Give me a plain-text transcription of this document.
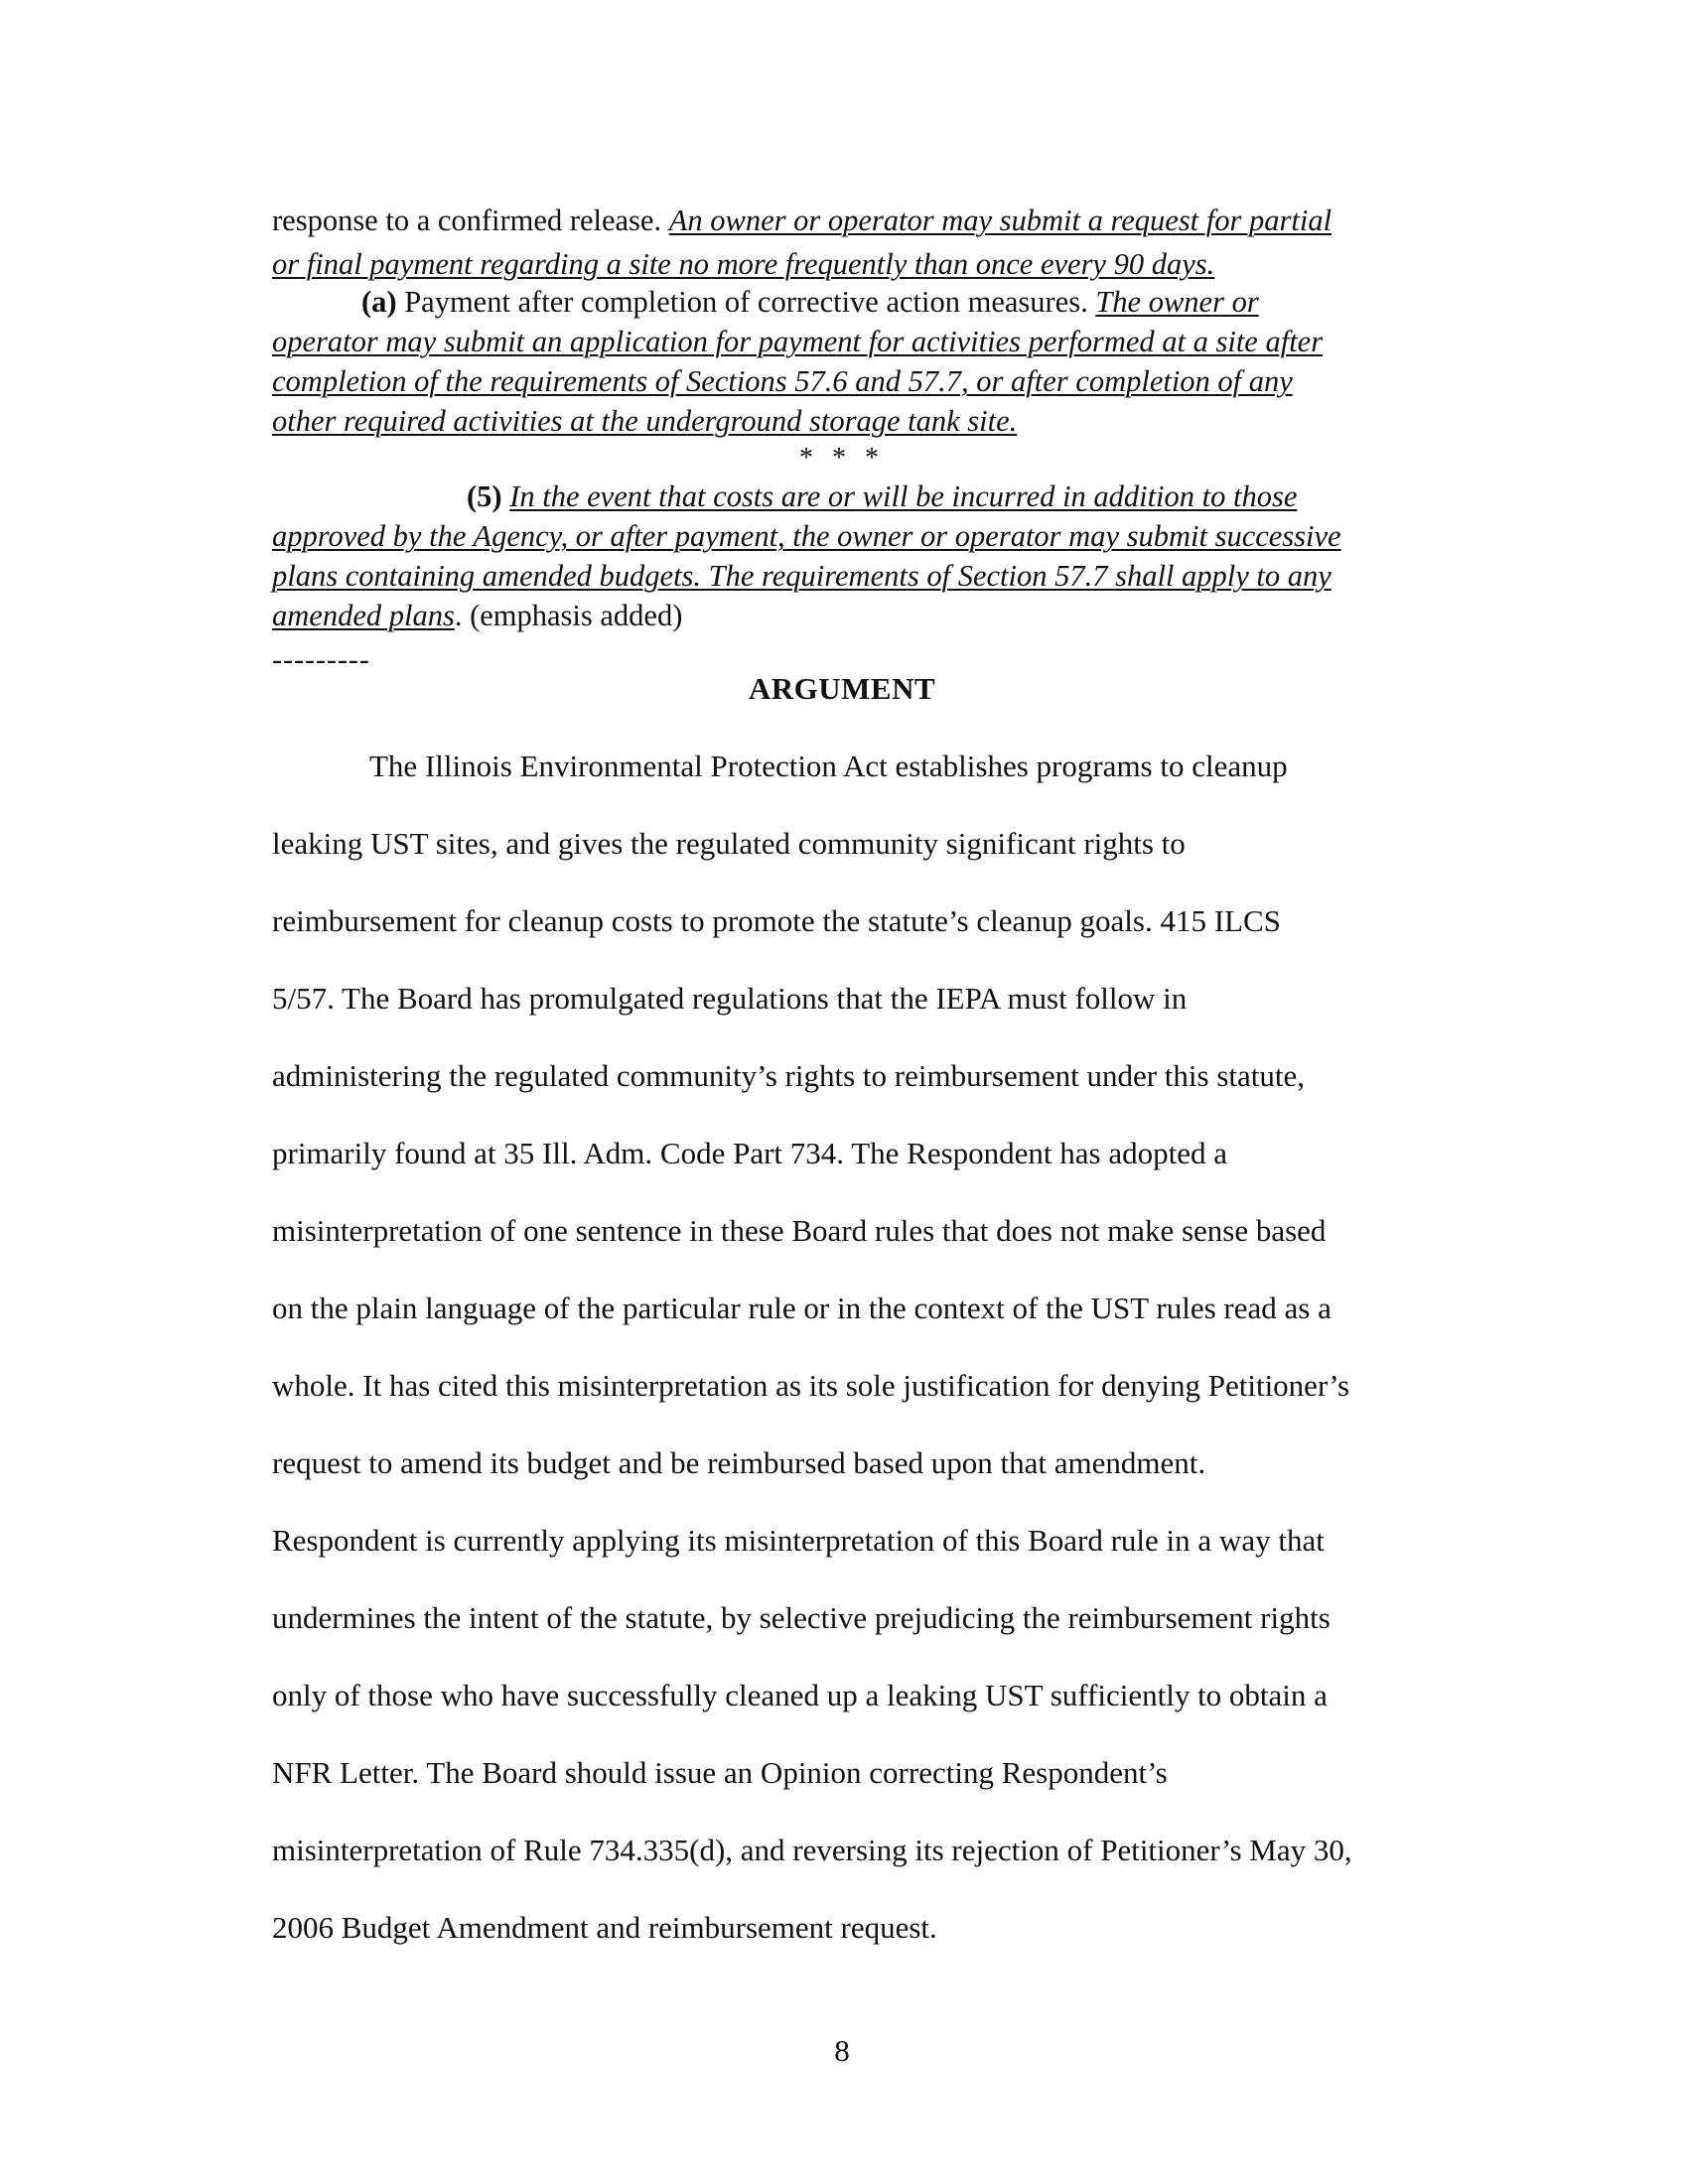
response to a confirmed release. An owner or operator may submit a request for partial
or final payment regarding a site no more frequently than once every 90 days.
(a) Payment after completion of corrective action measures. The owner or
operator may submit an application for payment for activities performed at a site after
completion of the requirements of Sections 57.6 and 57.7, or after completion of any
other required activities at the underground storage tank site.
* * *
(5) In the event that costs are or will be incurred in addition to those
approved by the Agency, or after payment, the owner or operator may submit successive
plans containing amended budgets. The requirements of Section 57.7 shall apply to any
amended plans. (emphasis added)
---------
ARGUMENT
The Illinois Environmental Protection Act establishes programs to cleanup
leaking UST sites, and gives the regulated community significant rights to
reimbursement for cleanup costs to promote the statute’s cleanup goals. 415 ILCS
5/57. The Board has promulgated regulations that the IEPA must follow in
administering the regulated community’s rights to reimbursement under this statute,
primarily found at 35 Ill. Adm. Code Part 734. The Respondent has adopted a
misinterpretation of one sentence in these Board rules that does not make sense based
on the plain language of the particular rule or in the context of the UST rules read as a
whole. It has cited this misinterpretation as its sole justification for denying Petitioner’s
request to amend its budget and be reimbursed based upon that amendment.
Respondent is currently applying its misinterpretation of this Board rule in a way that
undermines the intent of the statute, by selective prejudicing the reimbursement rights
only of those who have successfully cleaned up a leaking UST sufficiently to obtain a
NFR Letter. The Board should issue an Opinion correcting Respondent’s
misinterpretation of Rule 734.335(d), and reversing its rejection of Petitioner’s May 30,
2006 Budget Amendment and reimbursement request.
8
